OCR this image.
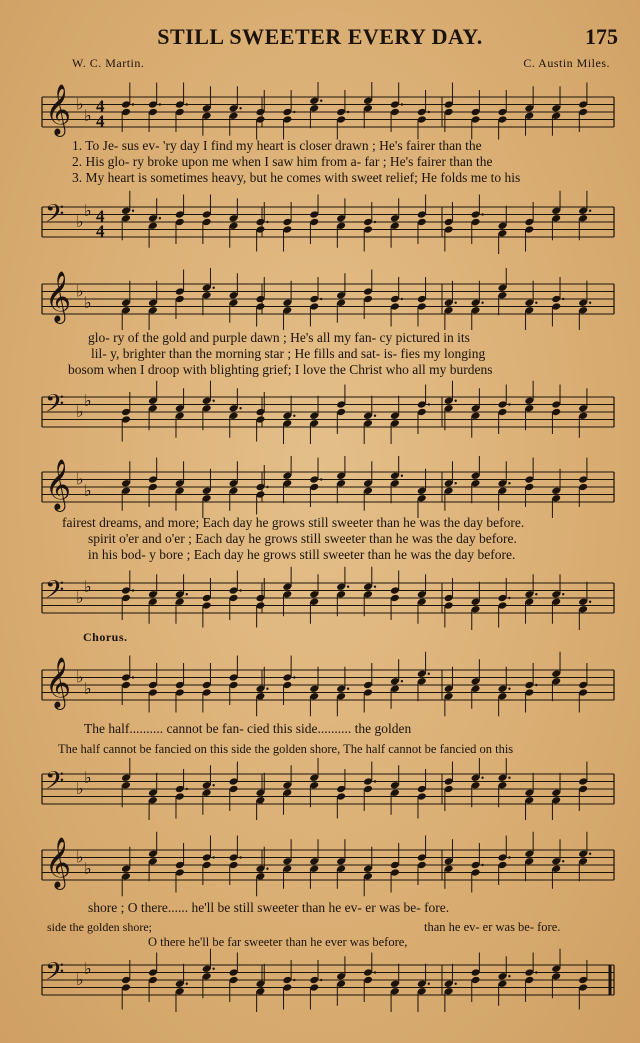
STILL SWEETER EVERY DAY.	175
W. C. Martin.	C. Austin Miles.
𝄞 ♭
♭ 4
4
1. To Je- sus ev- 'ry day I find my heart is closer drawn ; He's fairer than the
2. His glo- ry broke upon me when I saw him from a- far ; He's fairer than the
3. My heart is sometimes heavy, but he comes with sweet relief; He folds me to his
𝄢 ♭
♭ 4
4
𝄞 ♭
♭
glo- ry of the gold and purple dawn ; He's all my fan- cy pictured in its
lil- y, brighter than the morning star ; He fills and sat- is- fies my longing
bosom when I droop with blighting grief; I love the Christ who all my burdens
𝄢 ♭
♭
𝄞 ♭
♭
fairest dreams, and more; Each day he grows still sweeter than he was the day before.
spirit o'er and o'er ; Each day he grows still sweeter than he was the day before.
in his bod- y bore ; Each day he grows still sweeter than he was the day before.
𝄢 ♭
♭
Chorus.
𝄞 ♭
♭
The half.......... cannot be fan- cied this side.......... the golden
The half cannot be fancied on this side the golden shore, The half cannot be fancied on this
𝄢 ♭
♭
𝄞 ♭
♭
shore ; O there...... he'll be still sweeter than he ev- er was be- fore.
side the golden shore;	than he ev- er was be- fore.
O there he'll be far sweeter than he ever was before,
𝄢 ♭
♭
